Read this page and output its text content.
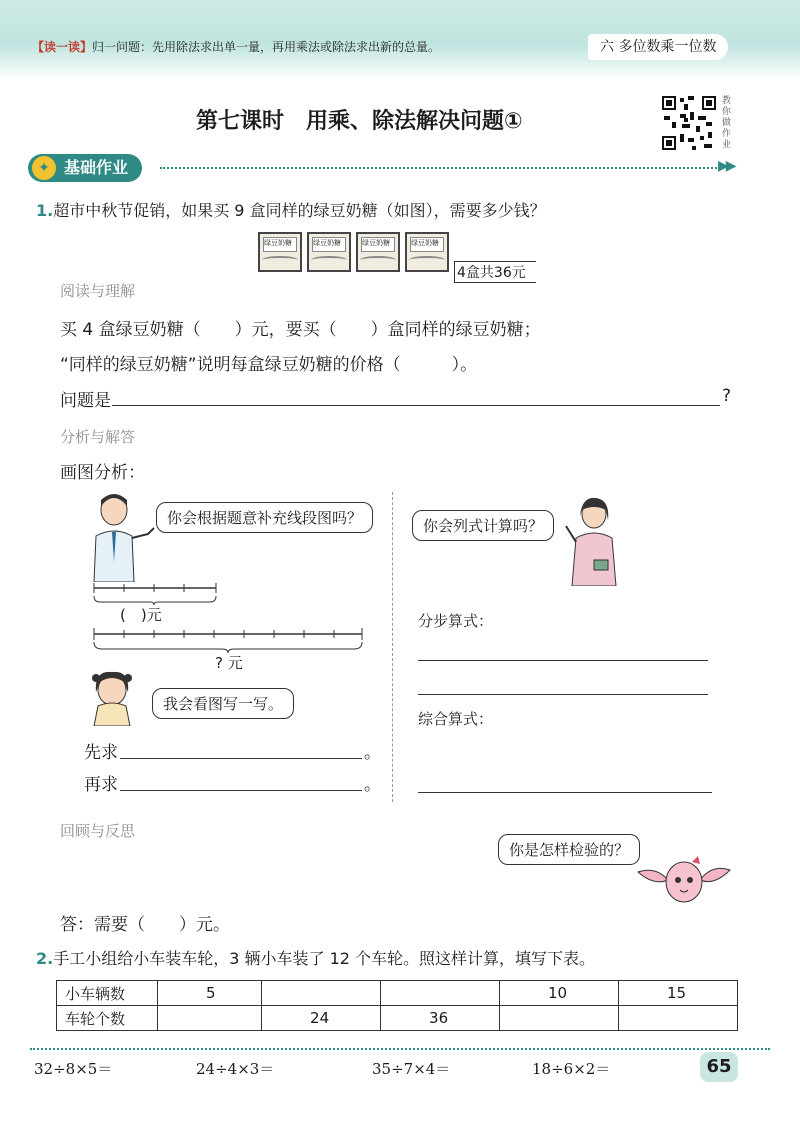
【读一读】归一问题：先用除法求出单一量，再用乘法或除法求出新的总量。	六 多位数乘一位数
第七课时　用乘、除法解决问题①
教你做作业
基础作业
✦	▶▶
1.超市中秋节促销，如果买 9 盒同样的绿豆奶糖（如图），需要多少钱？
绿豆奶糖	绿豆奶糖	绿豆奶糖	绿豆奶糖
4盒共36元
阅读与理解
买 4 盒绿豆奶糖（　　）元，要买（　　）盒同样的绿豆奶糖；
“同样的绿豆奶糖”说明每盒绿豆奶糖的价格（　　　）。
问题是	?
分析与解答
画图分析：
你会根据题意补充线段图吗？	你会列式计算吗？
(　)元
? 元
我会看图写一写。
先求	。
再求	。
分步算式：
综合算式：
回顾与反思
你是怎样检验的？
答：需要（　　）元。
2.手工小组给小车装车轮，3 辆小车装了 12 个车轮。照这样计算，填写下表。
小车辆数	5			10	15
车轮个数		24	36		
32÷8×5＝	24÷4×3＝	35÷7×4＝	18÷6×2＝	65
